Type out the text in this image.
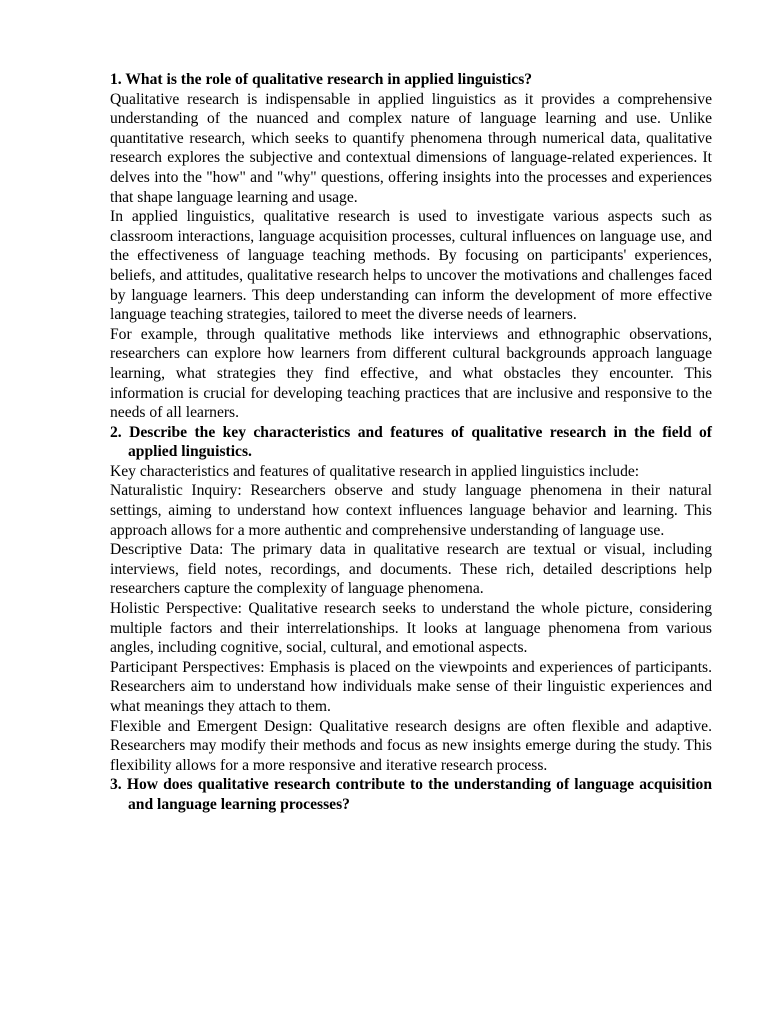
1. What is the role of qualitative research in applied linguistics?

Qualitative research is indispensable in applied linguistics as it provides a comprehensive understanding of the nuanced and complex nature of language learning and use. Unlike quantitative research, which seeks to quantify phenomena through numerical data, qualitative research explores the subjective and contextual dimensions of language-related experiences. It delves into the "how" and "why" questions, offering insights into the processes and experiences that shape language learning and usage.

In applied linguistics, qualitative research is used to investigate various aspects such as classroom interactions, language acquisition processes, cultural influences on language use, and the effectiveness of language teaching methods. By focusing on participants' experiences, beliefs, and attitudes, qualitative research helps to uncover the motivations and challenges faced by language learners. This deep understanding can inform the development of more effective language teaching strategies, tailored to meet the diverse needs of learners.

For example, through qualitative methods like interviews and ethnographic observations, researchers can explore how learners from different cultural backgrounds approach language learning, what strategies they find effective, and what obstacles they encounter. This information is crucial for developing teaching practices that are inclusive and responsive to the needs of all learners.

2. Describe the key characteristics and features of qualitative research in the field of applied linguistics.

Key characteristics and features of qualitative research in applied linguistics include:

Naturalistic Inquiry: Researchers observe and study language phenomena in their natural settings, aiming to understand how context influences language behavior and learning. This approach allows for a more authentic and comprehensive understanding of language use.

Descriptive Data: The primary data in qualitative research are textual or visual, including interviews, field notes, recordings, and documents. These rich, detailed descriptions help researchers capture the complexity of language phenomena.

Holistic Perspective: Qualitative research seeks to understand the whole picture, considering multiple factors and their interrelationships. It looks at language phenomena from various angles, including cognitive, social, cultural, and emotional aspects.

Participant Perspectives: Emphasis is placed on the viewpoints and experiences of participants. Researchers aim to understand how individuals make sense of their linguistic experiences and what meanings they attach to them.

Flexible and Emergent Design: Qualitative research designs are often flexible and adaptive. Researchers may modify their methods and focus as new insights emerge during the study. This flexibility allows for a more responsive and iterative research process.

3. How does qualitative research contribute to the understanding of language acquisition and language learning processes?
